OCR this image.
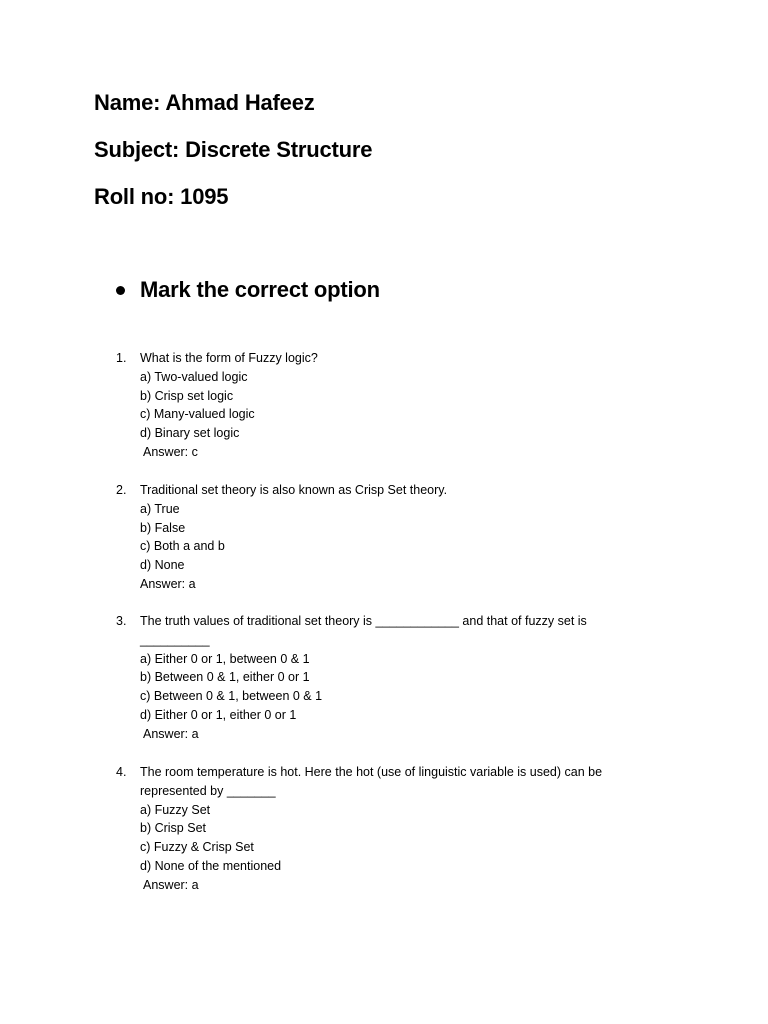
Name: Ahmad Hafeez
Subject: Discrete Structure
Roll no: 1095
Mark the correct option
1. What is the form of Fuzzy logic?
a) Two-valued logic
b) Crisp set logic
c) Many-valued logic
d) Binary set logic
Answer: c
2. Traditional set theory is also known as Crisp Set theory.
a) True
b) False
c) Both a and b
d) None
Answer: a
3. The truth values of traditional set theory is ____________ and that of fuzzy set is __________
a) Either 0 or 1, between 0 & 1
b) Between 0 & 1, either 0 or 1
c) Between 0 & 1, between 0 & 1
d) Either 0 or 1, either 0 or 1
Answer: a
4. The room temperature is hot. Here the hot (use of linguistic variable is used) can be represented by _______
a) Fuzzy Set
b) Crisp Set
c) Fuzzy & Crisp Set
d) None of the mentioned
Answer: a
